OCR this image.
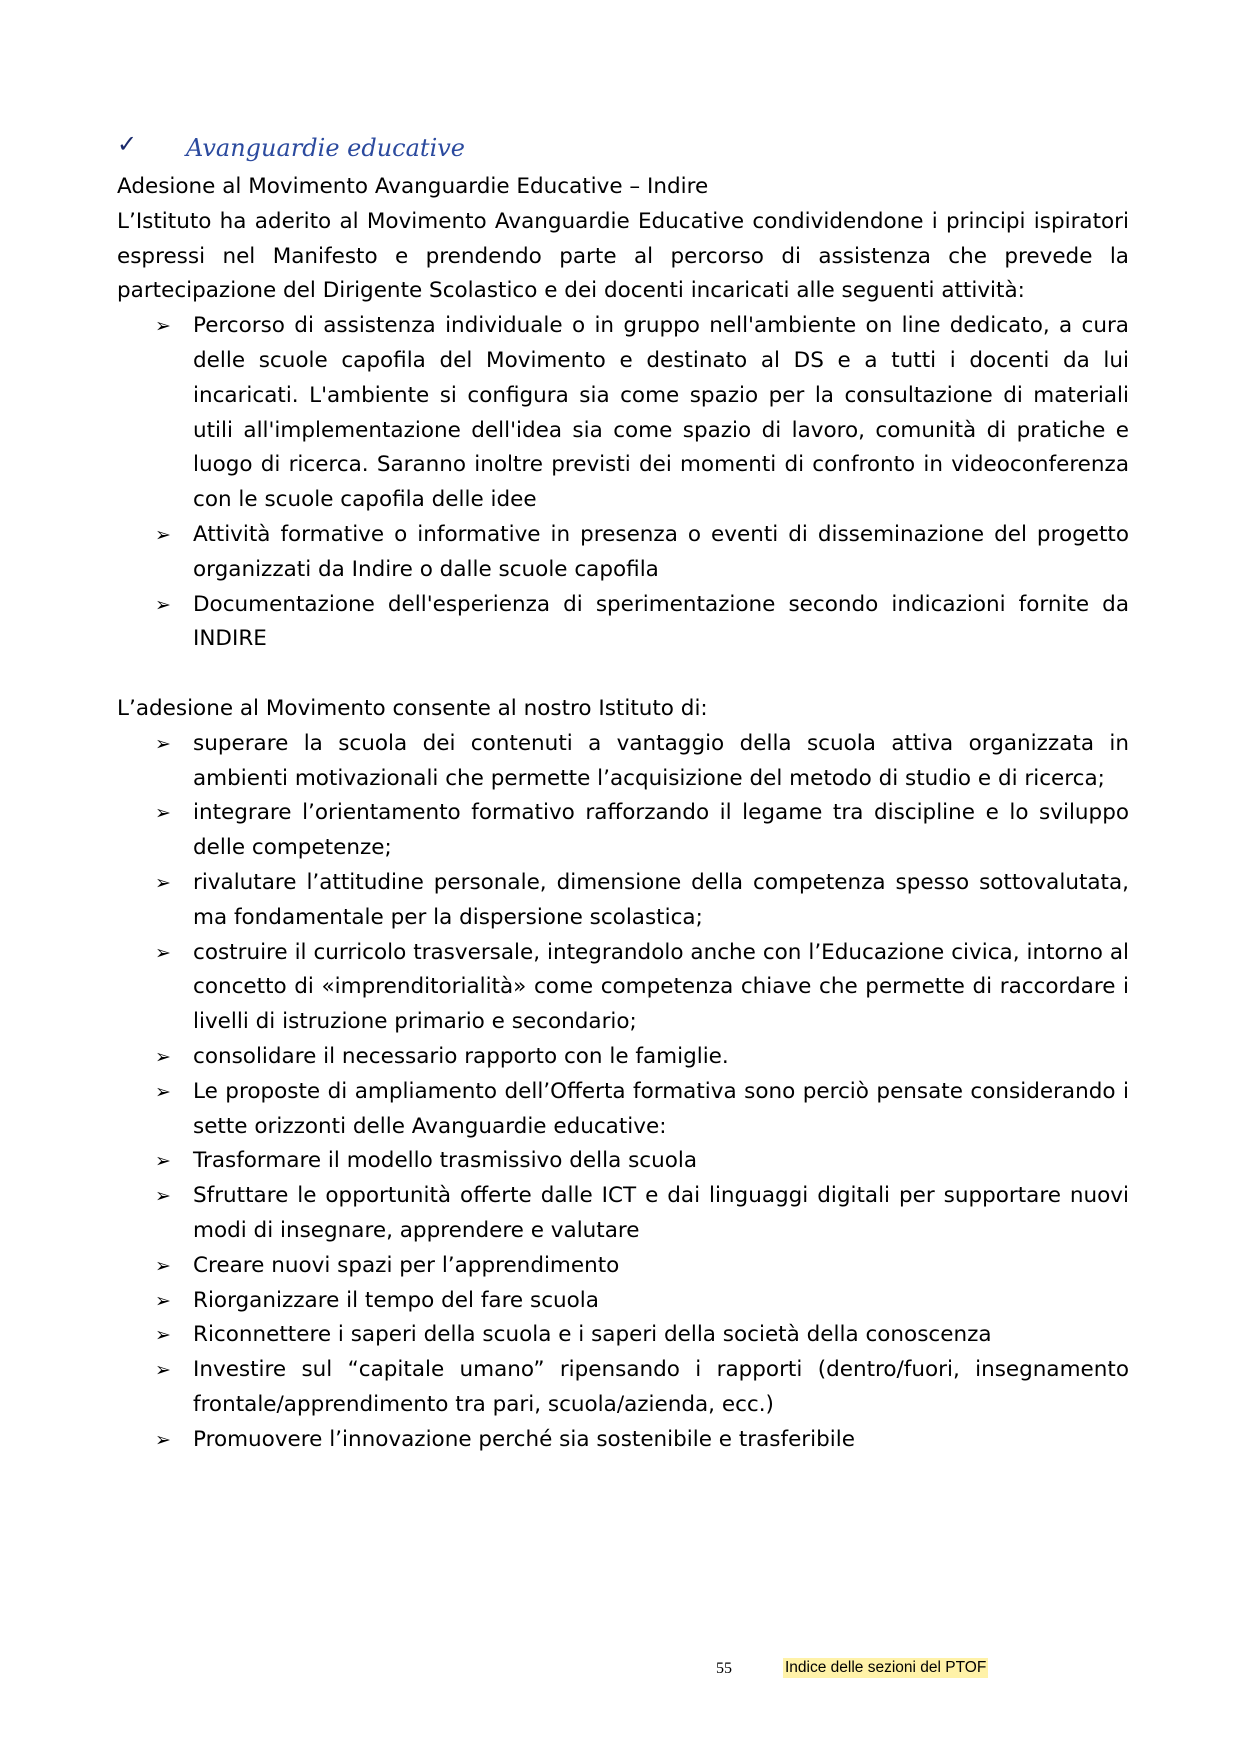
✓	Avanguardie educative

Adesione al Movimento Avanguardie Educative – Indire

L’Istituto ha aderito al Movimento Avanguardie Educative condividendone i principi ispiratori espressi nel Manifesto e prendendo parte al percorso di assistenza che prevede la partecipazione del Dirigente Scolastico e dei docenti incaricati alle seguenti attività:

➢ Percorso di assistenza individuale o in gruppo nell'ambiente on line dedicato, a cura delle scuole capofila del Movimento e destinato al DS e a tutti i docenti da lui incaricati. L'ambiente si configura sia come spazio per la consultazione di materiali utili all'implementazione dell'idea sia come spazio di lavoro, comunità di pratiche e luogo di ricerca. Saranno inoltre previsti dei momenti di confronto in videoconferenza con le scuole capofila delle idee
➢ Attività formative o informative in presenza o eventi di disseminazione del progetto organizzati da Indire o dalle scuole capofila
➢ Documentazione dell'esperienza di sperimentazione secondo indicazioni fornite da INDIRE

L’adesione al Movimento consente al nostro Istituto di:

➢ superare la scuola dei contenuti a vantaggio della scuola attiva organizzata in ambienti motivazionali che permette l’acquisizione del metodo di studio e di ricerca;
➢ integrare l’orientamento formativo rafforzando il legame tra discipline e lo sviluppo delle competenze;
➢ rivalutare l’attitudine personale, dimensione della competenza spesso sottovalutata, ma fondamentale per la dispersione scolastica;
➢ costruire il curricolo trasversale, integrandolo anche con l’Educazione civica, intorno al concetto di «imprenditorialità» come competenza chiave che permette di raccordare i livelli di istruzione primario e secondario;
➢ consolidare il necessario rapporto con le famiglie.
➢ Le proposte di ampliamento dell’Offerta formativa sono perciò pensate considerando i sette orizzonti delle Avanguardie educative:
➢ Trasformare il modello trasmissivo della scuola
➢ Sfruttare le opportunità offerte dalle ICT e dai linguaggi digitali per supportare nuovi modi di insegnare, apprendere e valutare
➢ Creare nuovi spazi per l’apprendimento
➢ Riorganizzare il tempo del fare scuola
➢ Riconnettere i saperi della scuola e i saperi della società della conoscenza
➢ Investire sul “capitale umano” ripensando i rapporti (dentro/fuori, insegnamento frontale/apprendimento tra pari, scuola/azienda, ecc.)
➢ Promuovere l’innovazione perché sia sostenibile e trasferibile
55	Indice delle sezioni del PTOF
